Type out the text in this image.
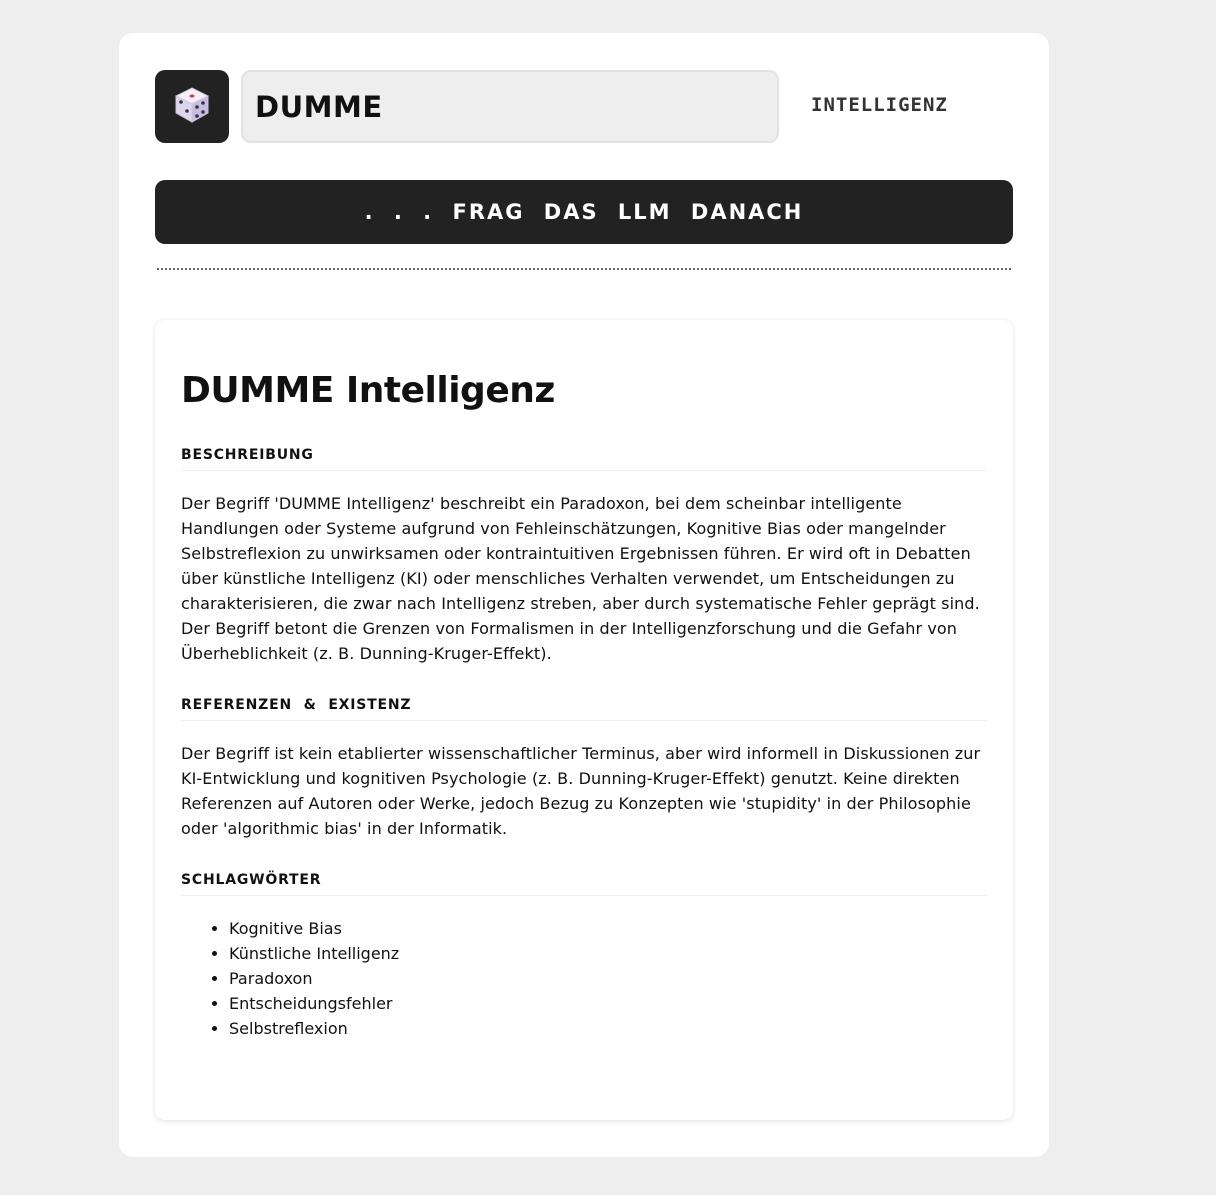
DUMME
INTELLIGENZ
. . . FRAG DAS LLM DANACH
DUMME Intelligenz
BESCHREIBUNG

Der Begriff 'DUMME Intelligenz' beschreibt ein Paradoxon, bei dem scheinbar intelligente Handlungen oder Systeme aufgrund von Fehleinschätzungen, Kognitive Bias oder mangelnder Selbstreflexion zu unwirksamen oder kontraintuitiven Ergebnissen führen. Er wird oft in Debatten über künstliche Intelligenz (KI) oder menschliches Verhalten verwendet, um Entscheidungen zu charakterisieren, die zwar nach Intelligenz streben, aber durch systematische Fehler geprägt sind. Der Begriff betont die Grenzen von Formalismen in der Intelligenzforschung und die Gefahr von Überheblichkeit (z. B. Dunning-Kruger-Effekt).

REFERENZEN & EXISTENZ

Der Begriff ist kein etablierter wissenschaftlicher Terminus, aber wird informell in Diskussionen zur KI-Entwicklung und kognitiven Psychologie (z. B. Dunning-Kruger-Effekt) genutzt. Keine direkten Referenzen auf Autoren oder Werke, jedoch Bezug zu Konzepten wie 'stupidity' in der Philosophie oder 'algorithmic bias' in der Informatik.

SCHLAGWÖRTER
• Kognitive Bias
• Künstliche Intelligenz
• Paradoxon
• Entscheidungsfehler
• Selbstreflexion
